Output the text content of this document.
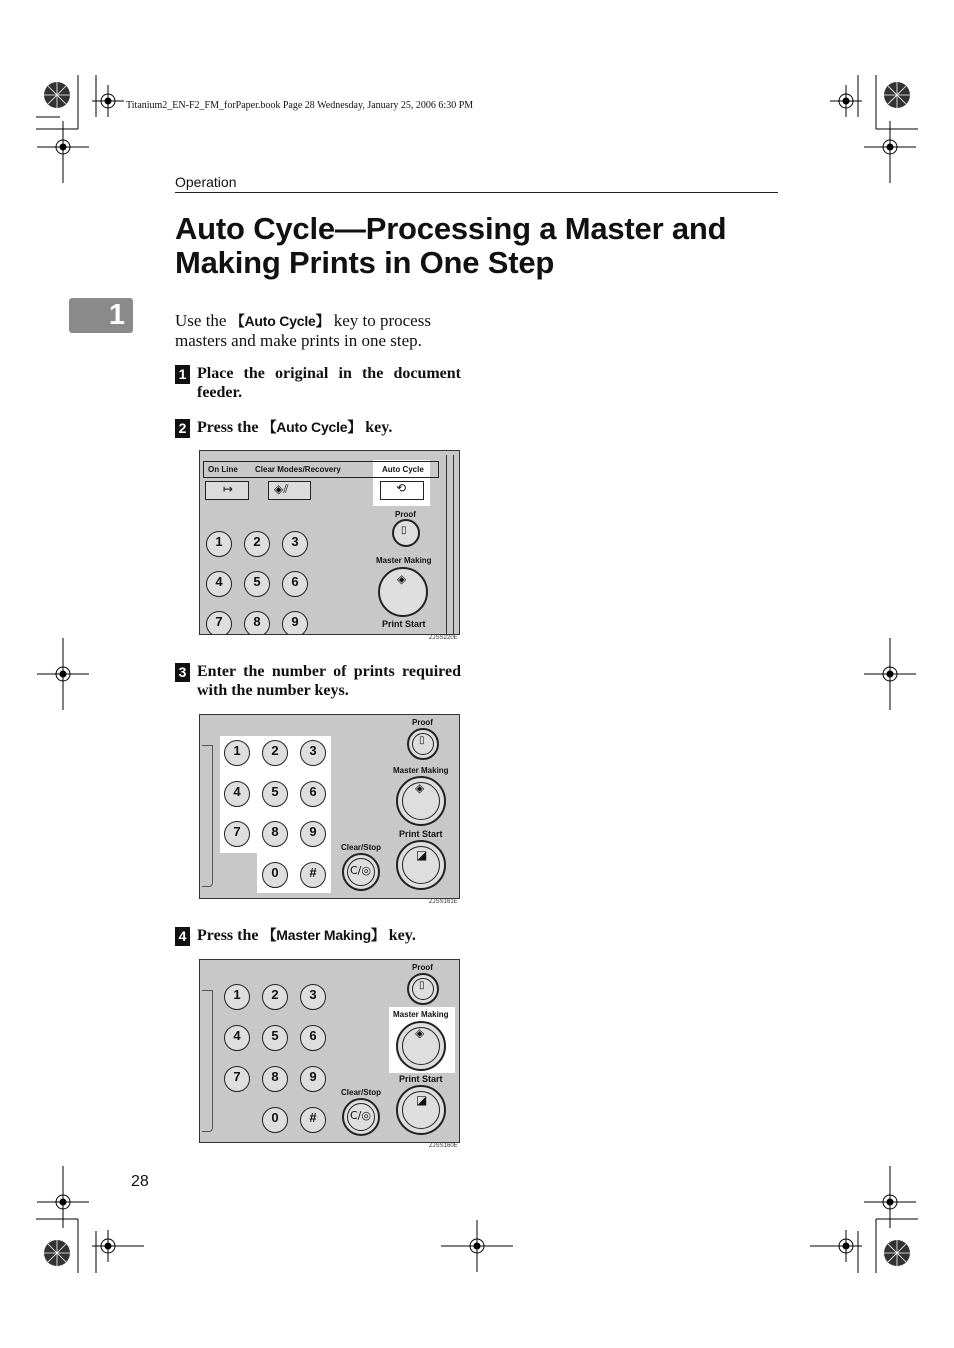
Titanium2_EN-F2_FM_forPaper.book Page 28 Wednesday, January 25, 2006 6:30 PM
Operation
Auto Cycle—Processing a Master and
Making Prints in One Step
1	Use the 【Auto Cycle】 key to process masters and make prints in one step.
1 Place the original in the document feeder.
2 Press the 【Auto Cycle】 key.
On Line Clear Modes/Recovery	Auto Cycle
↦	◈⫽	⟲
1	2	3
4	5	6
7	8	9
Proof
▯
Master Making
◈
Print Start
ZJSS220E
3 Enter the number of prints required with the number keys.
1	2	3
4	5	6
7	8	9
0	#
Clear/Stop
C/◎
Proof
▯
Master Making
◈
Print Start
◪
ZJSS161E
4 Press the 【Master Making】 key.
1	2	3
4	5	6
7	8	9
0	#
Clear/Stop
C/◎
Proof
▯
Master Making
◈
Print Start
◪
ZJSS160E
28
